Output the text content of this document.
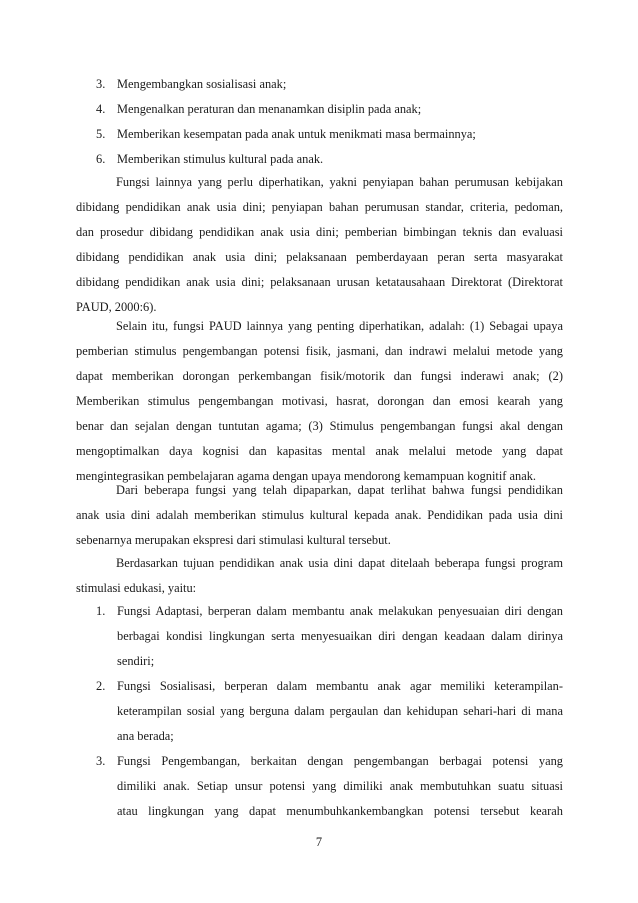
3. Mengembangkan sosialisasi anak;
4. Mengenalkan peraturan dan menanamkan disiplin pada anak;
5. Memberikan kesempatan pada anak untuk menikmati masa bermainnya;
6. Memberikan stimulus kultural pada anak.

Fungsi lainnya yang perlu diperhatikan, yakni penyiapan bahan perumusan kebijakan
dibidang pendidikan anak usia dini; penyiapan bahan perumusan standar, criteria, pedoman,
dan prosedur dibidang pendidikan anak usia dini; pemberian bimbingan teknis dan evaluasi
dibidang pendidikan anak usia dini; pelaksanaan pemberdayaan peran serta masyarakat
dibidang pendidikan anak usia dini; pelaksanaan urusan ketatausahaan Direktorat (Direktorat
PAUD, 2000:6).

Selain itu, fungsi PAUD lainnya yang penting diperhatikan, adalah: (1) Sebagai upaya
pemberian stimulus pengembangan potensi fisik, jasmani, dan indrawi melalui metode yang
dapat memberikan dorongan perkembangan fisik/motorik dan fungsi inderawi anak; (2)
Memberikan stimulus pengembangan motivasi, hasrat, dorongan dan emosi kearah yang
benar dan sejalan dengan tuntutan agama; (3) Stimulus pengembangan fungsi akal dengan
mengoptimalkan daya kognisi dan kapasitas mental anak melalui metode yang dapat
mengintegrasikan pembelajaran agama dengan upaya mendorong kemampuan kognitif anak.

Dari beberapa fungsi yang telah dipaparkan, dapat terlihat bahwa fungsi pendidikan
anak usia dini adalah memberikan stimulus kultural kepada anak. Pendidikan pada usia dini
sebenarnya merupakan ekspresi dari stimulasi kultural tersebut.

Berdasarkan tujuan pendidikan anak usia dini dapat ditelaah beberapa fungsi program
stimulasi edukasi, yaitu:

1. Fungsi Adaptasi, berperan dalam membantu anak melakukan penyesuaian diri dengan
berbagai kondisi lingkungan serta menyesuaikan diri dengan keadaan dalam dirinya
sendiri;
2. Fungsi Sosialisasi, berperan dalam membantu anak agar memiliki keterampilan-
keterampilan sosial yang berguna dalam pergaulan dan kehidupan sehari-hari di mana
ana berada;
3. Fungsi Pengembangan, berkaitan dengan pengembangan berbagai potensi yang
dimiliki anak. Setiap unsur potensi yang dimiliki anak membutuhkan suatu situasi
atau lingkungan yang dapat menumbuhkankembangkan potensi tersebut kearah
7
